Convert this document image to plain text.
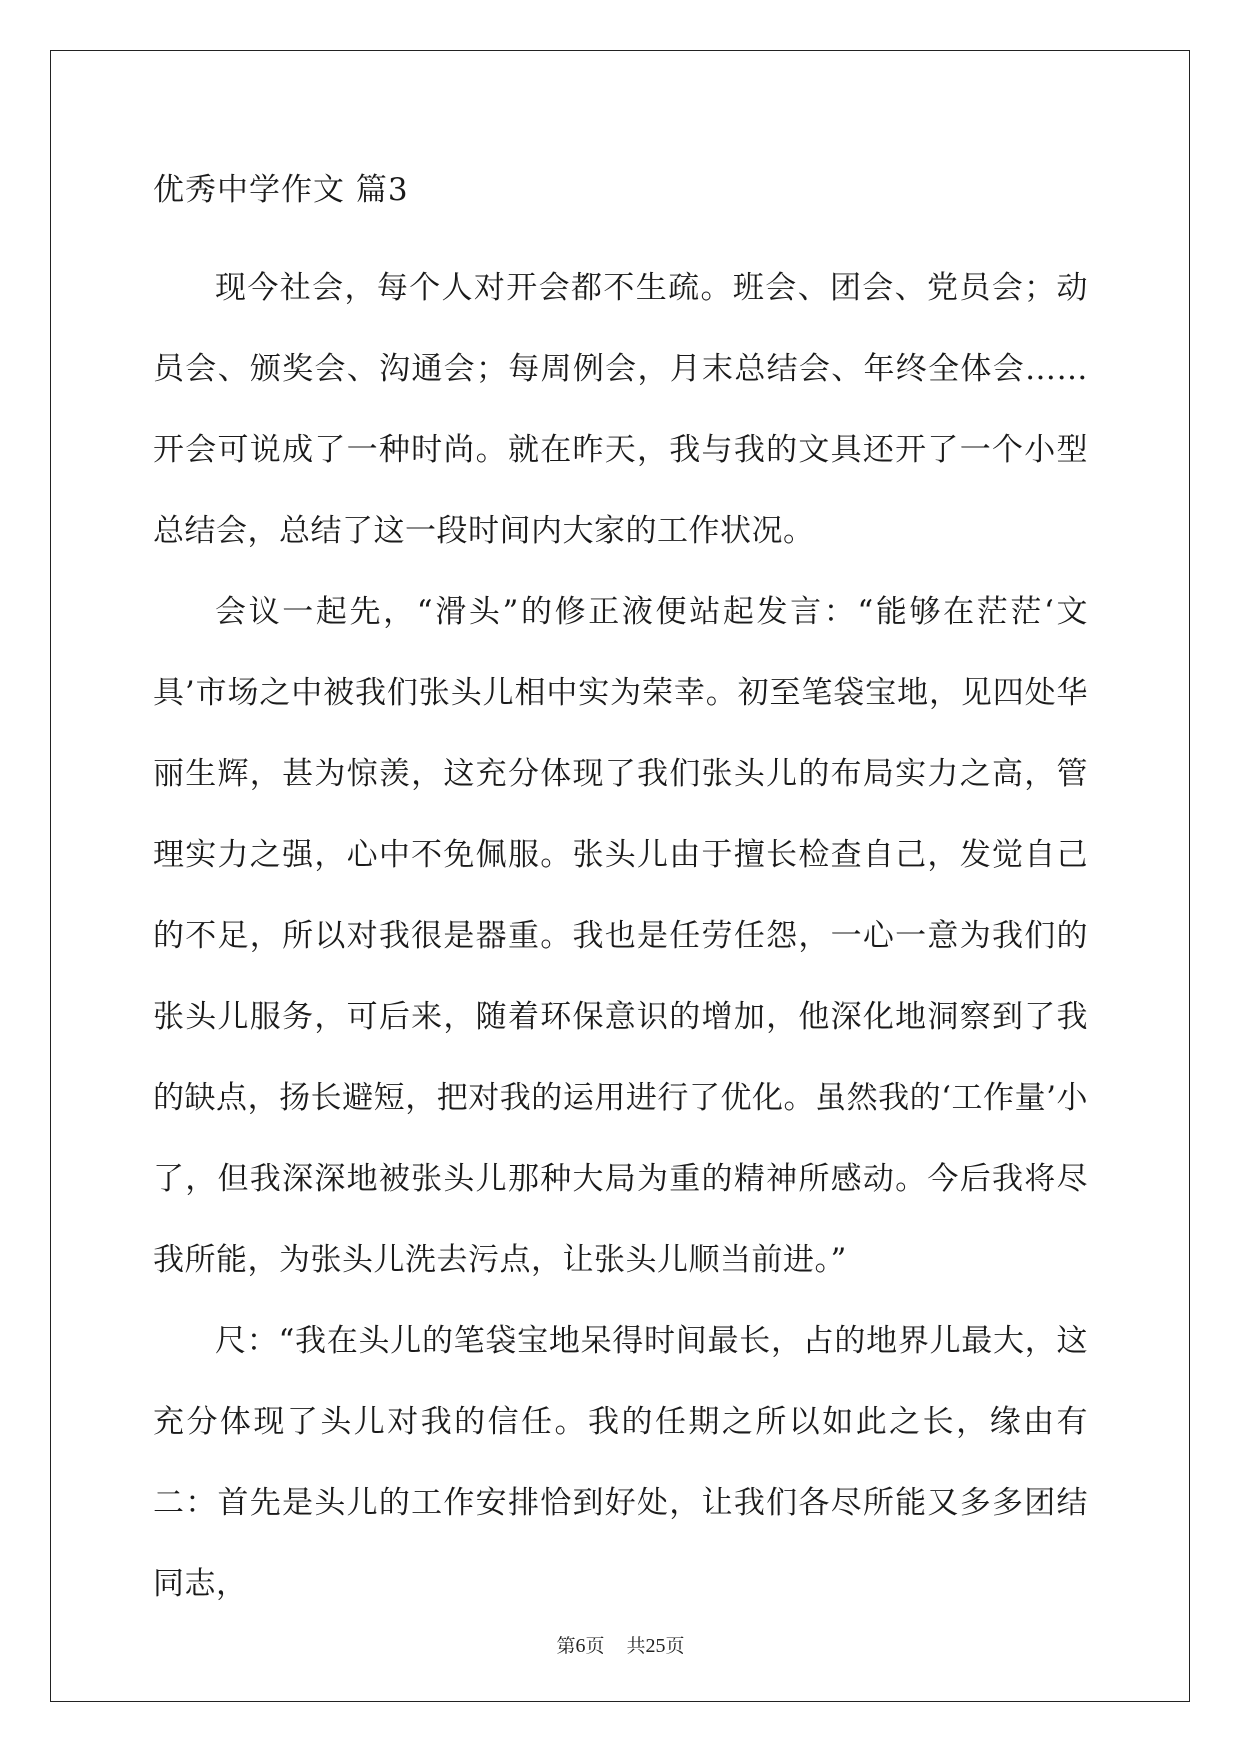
优秀中学作文 篇3

现今社会，每个人对开会都不生疏。班会、团会、党员会；动员会、颁奖会、沟通会；每周例会，月末总结会、年终全体会……开会可说成了一种时尚。就在昨天，我与我的文具还开了一个小型总结会，总结了这一段时间内大家的工作状况。

会议一起先，“滑头”的修正液便站起发言：“能够在茫茫‘文具’市场之中被我们张头儿相中实为荣幸。初至笔袋宝地，见四处华丽生辉，甚为惊羡，这充分体现了我们张头儿的布局实力之高，管理实力之强，心中不免佩服。张头儿由于擅长检查自己，发觉自己的不足，所以对我很是器重。我也是任劳任怨，一心一意为我们的张头儿服务，可后来，随着环保意识的增加，他深化地洞察到了我的缺点，扬长避短，把对我的运用进行了优化。虽然我的‘工作量’小了，但我深深地被张头儿那种大局为重的精神所感动。今后我将尽我所能，为张头儿洗去污点，让张头儿顺当前进。”

尺：“我在头儿的笔袋宝地呆得时间最长，占的地界儿最大，这充分体现了头儿对我的信任。我的任期之所以如此之长，缘由有二：首先是头儿的工作安排恰到好处，让我们各尽所能又多多团结同志，

第6页 共25页
